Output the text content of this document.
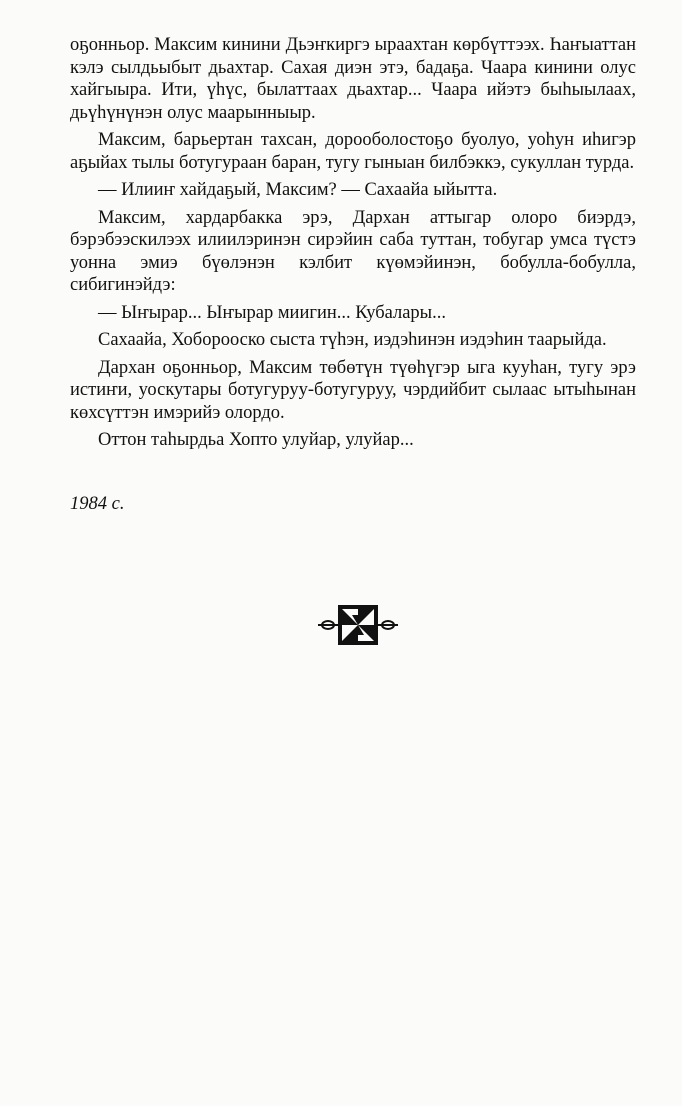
оҕонньор. Максим кинини Дьэҥкиргэ ыраахтан көрбүттээх. Һаҥыаттан кэлэ сылдьыбыт дьахтар. Сахая диэн этэ, бадаҕа. Чаара кинини олус хайгыыра. Ити, үһүс, былаттаах дьахтар... Чаара ийэтэ быһыылаах, дьүһүнүнэн олус маарынныыр.

Максим, барьертан тахсан, дорооболостоҕо буолуо, уоһун иһигэр аҕыйах тылы ботугураан баран, тугу гыныан билбэккэ, сукуллан турда.

— Илииҥ хайдаҕый, Максим? — Сахаайа ыйытта.

Максим, хардарбакка эрэ, Дархан аттыгар олоро биэрдэ, бэрэбээскилээх илиилэринэн сирэйин саба туттан, тобугар умса түстэ уонна эмиэ бүөлэнэн кэлбит күөмэйинэн, бобулла-бобулла, сибигинэйдэ:

— Ыҥырар... Ыҥырар миигин... Кубалары...

Сахаайа, Хоборооско сыста түһэн, иэдэһинэн иэдэһин таарыйда.

Дархан оҕонньор, Максим төбөтүн түөһүгэр ыга кууһан, тугу эрэ истиҥи, уоскутары ботугуруу-ботугуруу, чэрдийбит сылаас ытыһынан көхсүттэн имэрийэ олордо.

Оттон таһырдьа Хопто улуйар, улуйар...

1984 с.
